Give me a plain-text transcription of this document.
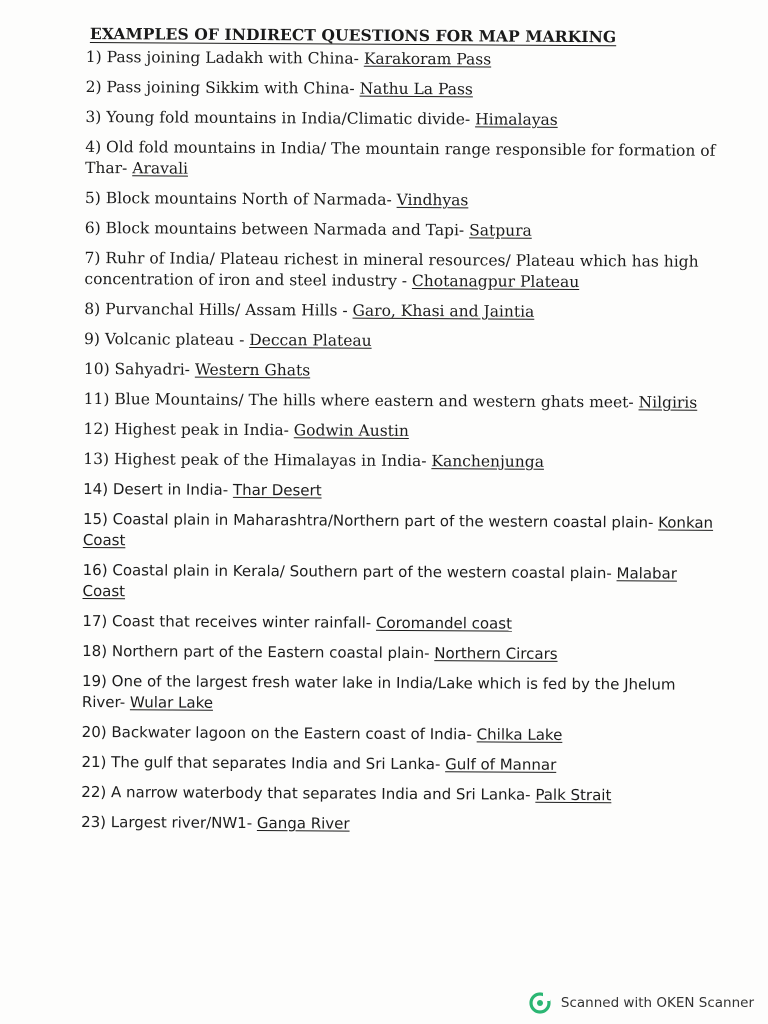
EXAMPLES OF INDIRECT QUESTIONS FOR MAP MARKING
1) Pass joining Ladakh with China- Karakoram Pass
2) Pass joining Sikkim with China- Nathu La Pass
3) Young fold mountains in India/Climatic divide- Himalayas
4) Old fold mountains in India/ The mountain range responsible for formation of Thar- Aravali
5) Block mountains North of Narmada- Vindhyas
6) Block mountains between Narmada and Tapi- Satpura
7) Ruhr of India/ Plateau richest in mineral resources/ Plateau which has high concentration of iron and steel industry - Chotanagpur Plateau
8) Purvanchal Hills/ Assam Hills - Garo, Khasi and Jaintia
9) Volcanic plateau - Deccan Plateau
10) Sahyadri- Western Ghats
11) Blue Mountains/ The hills where eastern and western ghats meet- Nilgiris
12) Highest peak in India- Godwin Austin
13) Highest peak of the Himalayas in India- Kanchenjunga
14) Desert in India- Thar Desert
15) Coastal plain in Maharashtra/Northern part of the western coastal plain- Konkan Coast
16) Coastal plain in Kerala/ Southern part of the western coastal plain- Malabar Coast
17) Coast that receives winter rainfall- Coromandel coast
18) Northern part of the Eastern coastal plain- Northern Circars
19) One of the largest fresh water lake in India/Lake which is fed by the Jhelum River- Wular Lake
20) Backwater lagoon on the Eastern coast of India- Chilka Lake
21) The gulf that separates India and Sri Lanka- Gulf of Mannar
22) A narrow waterbody that separates India and Sri Lanka- Palk Strait
23) Largest river/NW1- Ganga River
Scanned with OKEN Scanner
